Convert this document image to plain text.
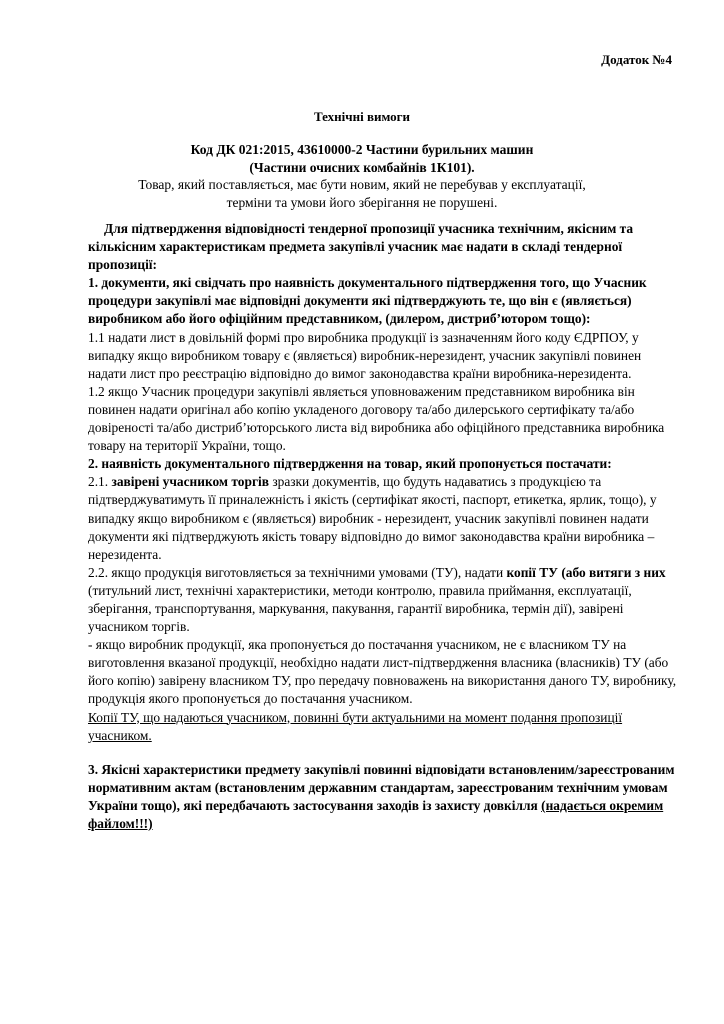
Додаток №4
Технічні вимоги
Код ДК 021:2015, 43610000-2 Частини бурильних машин
(Частини очисних комбайнів 1К101).
Товар, який поставляється, має бути новим, який не перебував у експлуатації,
терміни та умови його зберігання не порушені.

Для підтвердження відповідності тендерної пропозиції учасника технічним, якісним та кількісним характеристикам предмета закупівлі учасник має надати в складі тендерної пропозиції:

1. документи, які свідчать про наявність документального підтвердження того, що Учасник процедури закупівлі має відповідні документи які підтверджують те, що він є (являється) виробником або його офіційним представником, (дилером, дистриб’ютором тощо):

1.1 надати лист в довільній формі про виробника продукції із зазначенням його коду ЄДРПОУ, у випадку якщо виробником товару є (являється) виробник-нерезидент, учасник закупівлі повинен надати лист про реєстрацію відповідно до вимог законодавства країни виробника-нерезидента.

1.2 якщо Учасник процедури закупівлі являється уповноваженим представником виробника він повинен надати оригінал або копію укладеного договору та/або дилерського сертифікату та/або довіреності та/або дистриб’юторського листа від виробника або офіційного представника виробника товару на території України, тощо.

2. наявність документального підтвердження на товар, який пропонується постачати:

2.1. завірені учасником торгів зразки документів, що будуть надаватись з продукцією та підтверджуватимуть її приналежність і якість (сертифікат якості, паспорт, етикетка, ярлик, тощо), у випадку якщо виробником є (являється) виробник - нерезидент, учасник закупівлі повинен надати документи які підтверджують якість товару відповідно до вимог законодавства країни виробника – нерезидента.

2.2. якщо продукція виготовляється за технічними умовами (ТУ), надати копії ТУ (або витяги з них (титульний лист, технічні характеристики, методи контролю, правила приймання, експлуатації, зберігання, транспортування, маркування, пакування, гарантії виробника, термін дії), завірені учасником торгів.

- якщо виробник продукції, яка пропонується до постачання учасником, не є власником ТУ на виготовлення вказаної продукції, необхідно надати лист-підтвердження власника (власників) ТУ (або його копію) завірену власником ТУ, про передачу повноважень на використання даного ТУ, виробнику, продукція якого пропонується до постачання учасником.

Копії ТУ, що надаються учасником, повинні бути актуальними на момент подання пропозиції учасником.

3. Якісні характеристики предмету закупівлі повинні відповідати встановленим/зареєстрованим нормативним актам (встановленим державним стандартам, зареєстрованим технічним умовам України тощо), які передбачають застосування заходів із захисту довкілля (надається окремим файлом!!!)
